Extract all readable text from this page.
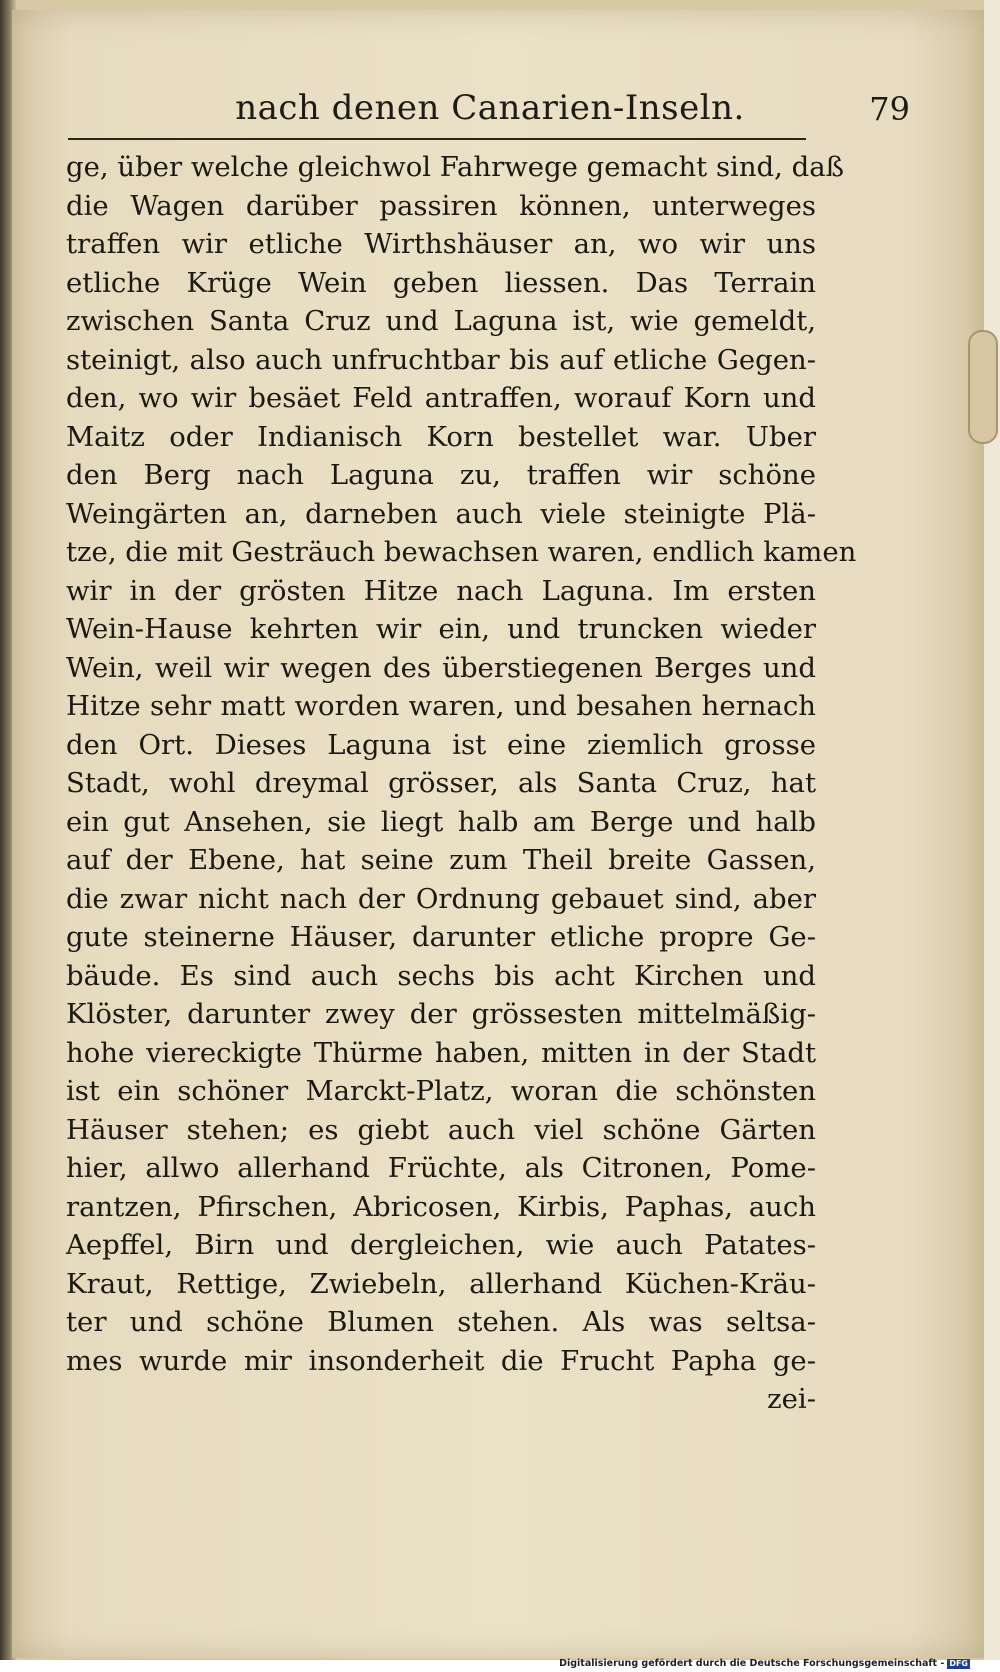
nach denen Canarien-Inseln.	79
ge, über welche gleichwol Fahrwege gemacht sind, daß
die Wagen darüber passiren können, unterweges
traffen wir etliche Wirthshäuser an, wo wir uns
etliche Krüge Wein geben liessen. Das Terrain
zwischen Santa Cruz und Laguna ist, wie gemeldt,
steinigt, also auch unfruchtbar bis auf etliche Gegen-
den, wo wir besäet Feld antraffen, worauf Korn und
Maitz oder Indianisch Korn bestellet war. Uber
den Berg nach Laguna zu, traffen wir schöne
Weingärten an, darneben auch viele steinigte Plä-
tze, die mit Gesträuch bewachsen waren, endlich kamen
wir in der grösten Hitze nach Laguna. Im ersten
Wein-Hause kehrten wir ein, und truncken wieder
Wein, weil wir wegen des überstiegenen Berges und
Hitze sehr matt worden waren, und besahen hernach
den Ort. Dieses Laguna ist eine ziemlich grosse
Stadt, wohl dreymal grösser, als Santa Cruz, hat
ein gut Ansehen, sie liegt halb am Berge und halb
auf der Ebene, hat seine zum Theil breite Gassen,
die zwar nicht nach der Ordnung gebauet sind, aber
gute steinerne Häuser, darunter etliche propre Ge-
bäude. Es sind auch sechs bis acht Kirchen und
Klöster, darunter zwey der grössesten mittelmäßig-
hohe viereckigte Thürme haben, mitten in der Stadt
ist ein schöner Marckt-Platz, woran die schönsten
Häuser stehen; es giebt auch viel schöne Gärten
hier, allwo allerhand Früchte, als Citronen, Pome-
rantzen, Pfirschen, Abricosen, Kirbis, Paphas, auch
Aepffel, Birn und dergleichen, wie auch Patates-
Kraut, Rettige, Zwiebeln, allerhand Küchen-Kräu-
ter und schöne Blumen stehen. Als was seltsa-
mes wurde mir insonderheit die Frucht Papha ge-
zei-
Digitalisierung gefördert durch die Deutsche Forschungsgemeinschaft - DFG
